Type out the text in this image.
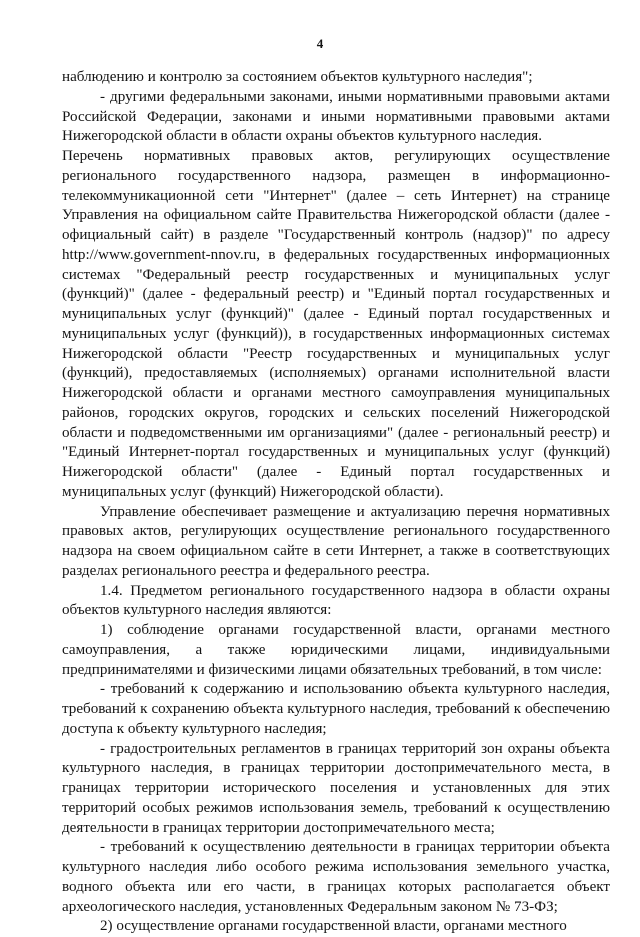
4

наблюдению и контролю за состоянием объектов культурного наследия";

- другими федеральными законами, иными нормативными правовыми актами Российской Федерации, законами и иными нормативными правовыми актами Нижегородской области в области охраны объектов культурного наследия.

Перечень нормативных правовых актов, регулирующих осуществление регионального государственного надзора, размещен в информационно-телекоммуникационной сети "Интернет" (далее – сеть Интернет) на странице Управления на официальном сайте Правительства Нижегородской области (далее - официальный сайт) в разделе "Государственный контроль (надзор)" по адресу http://www.government-nnov.ru, в федеральных государственных информационных системах "Федеральный реестр государственных и муниципальных услуг (функций)" (далее - федеральный реестр) и "Единый портал государственных и муниципальных услуг (функций)" (далее - Единый портал государственных и муниципальных услуг (функций)), в государственных информационных системах Нижегородской области "Реестр государственных и муниципальных услуг (функций), предоставляемых (исполняемых) органами исполнительной власти Нижегородской области и органами местного самоуправления муниципальных районов, городских округов, городских и сельских поселений Нижегородской области и подведомственными им организациями" (далее - региональный реестр) и "Единый Интернет-портал государственных и муниципальных услуг (функций) Нижегородской области" (далее - Единый портал государственных и муниципальных услуг (функций) Нижегородской области).

Управление обеспечивает размещение и актуализацию перечня нормативных правовых актов, регулирующих осуществление регионального государственного надзора на своем официальном сайте в сети Интернет, а также в соответствующих разделах регионального реестра и федерального реестра.

1.4. Предметом регионального государственного надзора в области охраны объектов культурного наследия являются:

1) соблюдение органами государственной власти, органами местного самоуправления, а также юридическими лицами, индивидуальными предпринимателями и физическими лицами обязательных требований, в том числе:

- требований к содержанию и использованию объекта культурного наследия, требований к сохранению объекта культурного наследия, требований к обеспечению доступа к объекту культурного наследия;

- градостроительных регламентов в границах территорий зон охраны объекта культурного наследия, в границах территории достопримечательного места, в границах территории исторического поселения и установленных для этих территорий особых режимов использования земель, требований к осуществлению деятельности в границах территории достопримечательного места;

- требований к осуществлению деятельности в границах территории объекта культурного наследия либо особого режима использования земельного участка, водного объекта или его части, в границах которых располагается объект археологического наследия, установленных Федеральным законом № 73-ФЗ;

2) осуществление органами государственной власти, органами местного
